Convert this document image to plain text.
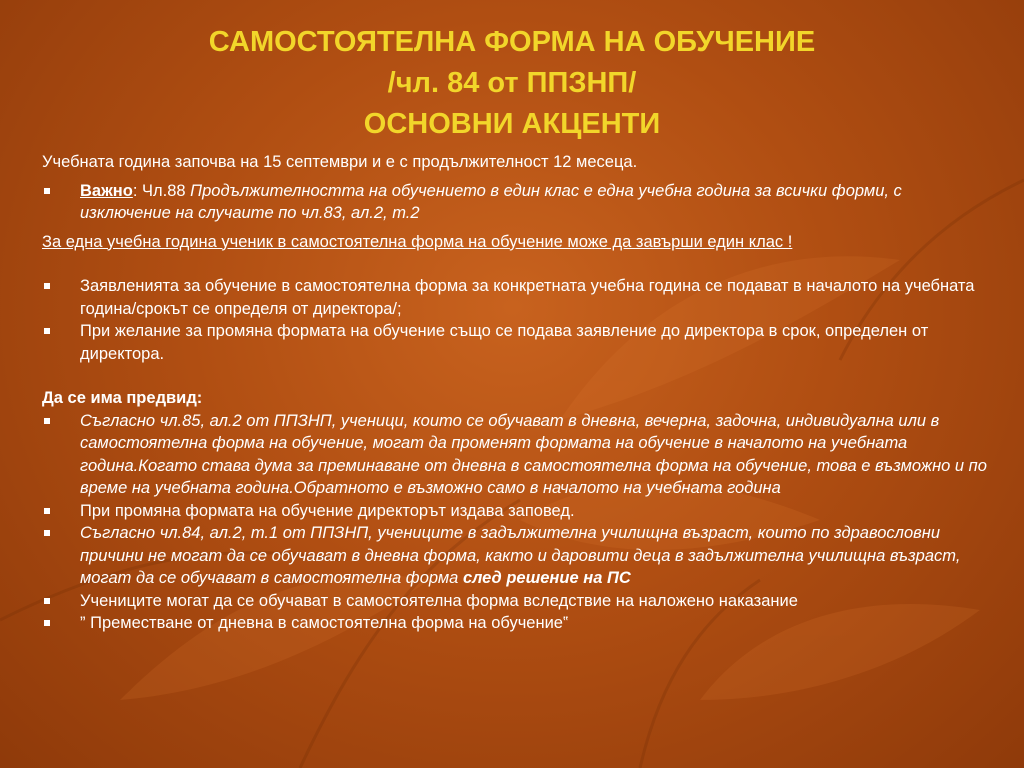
САМОСТОЯТЕЛНА ФОРМА НА ОБУЧЕНИЕ
/чл. 84 от ППЗНП/
ОСНОВНИ АКЦЕНТИ

Учебната година започва на 15 септември и е с продължителност 12 месеца.

Важно: Чл.88 Продължителността на обучението в един клас е една учебна година за всички форми, с изключение на случаите по чл.83, ал.2, т.2

За една учебна година ученик в самостоятелна форма на обучение може да завърши един клас !

Заявленията за обучение в самостоятелна форма за конкретната учебна година се подават в началото на учебната година/срокът се определя от директора/;

При желание за промяна формата на обучение също се подава заявление до директора в срок, определен от директора.

Да се има предвид:

Съгласно чл.85, ал.2 от ППЗНП, ученици, които се обучават в дневна, вечерна, задочна, индивидуална или в самостоятелна форма на обучение, могат да променят формата на обучение в началото на учебната година.Когато става дума за преминаване от дневна в самостоятелна форма на обучение, това е възможно и по време на учебната година.Обратното е възможно само в началото на учебната година

При промяна формата на обучение директорът издава заповед.

Съгласно чл.84, ал.2, т.1 от ППЗНП, учениците в задължителна училищна възраст, които по здравословни причини не могат да се обучават в дневна форма, както и даровити деца в задължителна училищна възраст, могат да се обучават в самостоятелна форма след решение на ПС

Учениците могат да се обучават в самостоятелна форма вследствие на наложено наказание

” Преместване от дневна в самостоятелна форма на обучение‟
